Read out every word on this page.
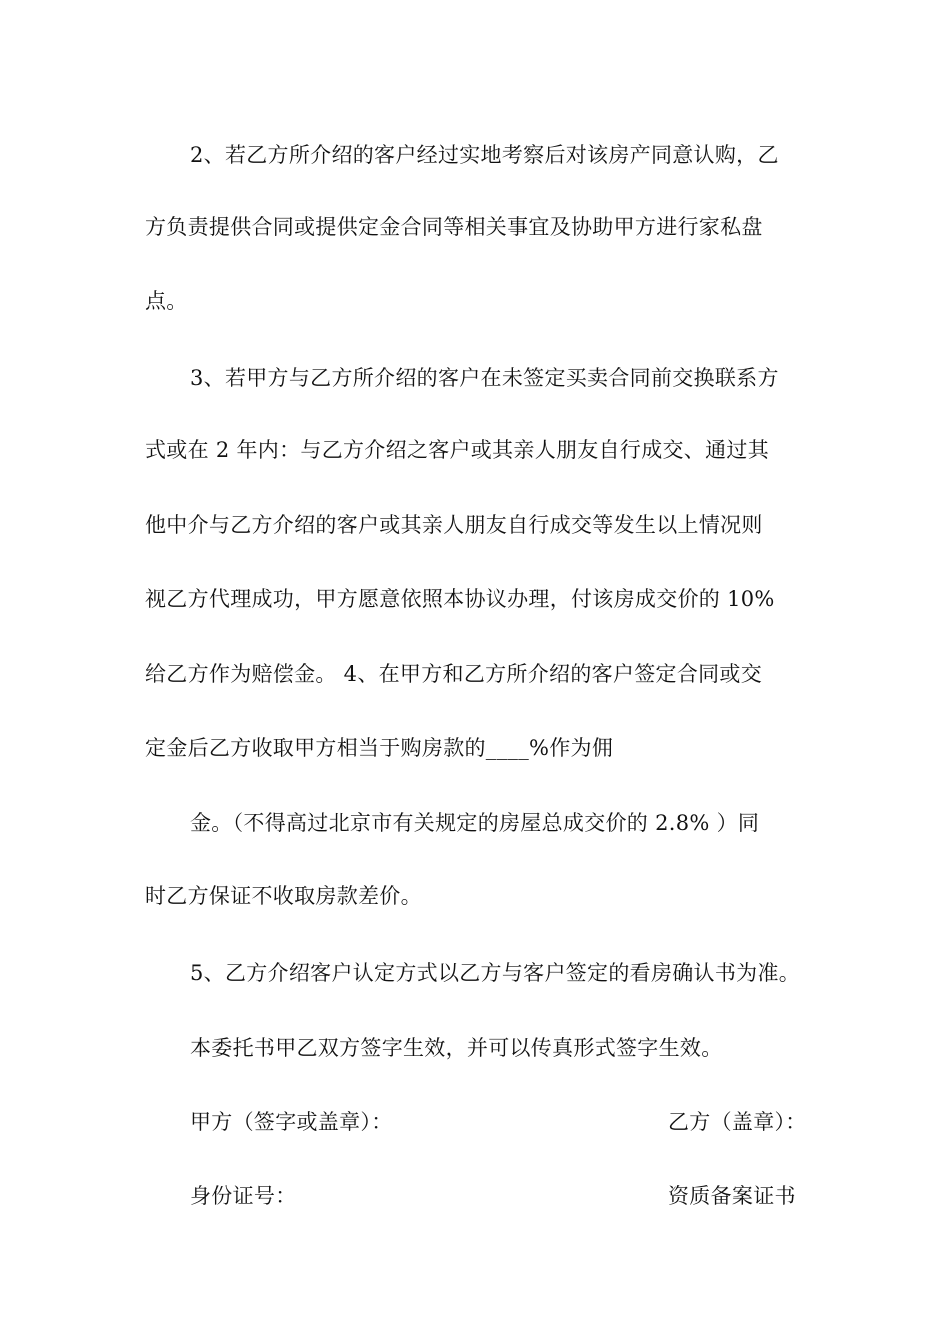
2、若乙方所介绍的客户经过实地考察后对该房产同意认购，乙
方负责提供合同或提供定金合同等相关事宜及协助甲方进行家私盘
点。
3、若甲方与乙方所介绍的客户在未签定买卖合同前交换联系方
式或在 2 年内：与乙方介绍之客户或其亲人朋友自行成交、通过其
他中介与乙方介绍的客户或其亲人朋友自行成交等发生以上情况则
视乙方代理成功，甲方愿意依照本协议办理，付该房成交价的 10%
给乙方作为赔偿金。 4、在甲方和乙方所介绍的客户签定合同或交
定金后乙方收取甲方相当于购房款的____%作为佣
金。（不得高过北京市有关规定的房屋总成交价的 2.8% ）同
时乙方保证不收取房款差价。
5、乙方介绍客户认定方式以乙方与客户签定的看房确认书为准。
本委托书甲乙双方签字生效，并可以传真形式签字生效。
甲方（签字或盖章）：	乙方（盖章）：
身份证号：	资质备案证书
